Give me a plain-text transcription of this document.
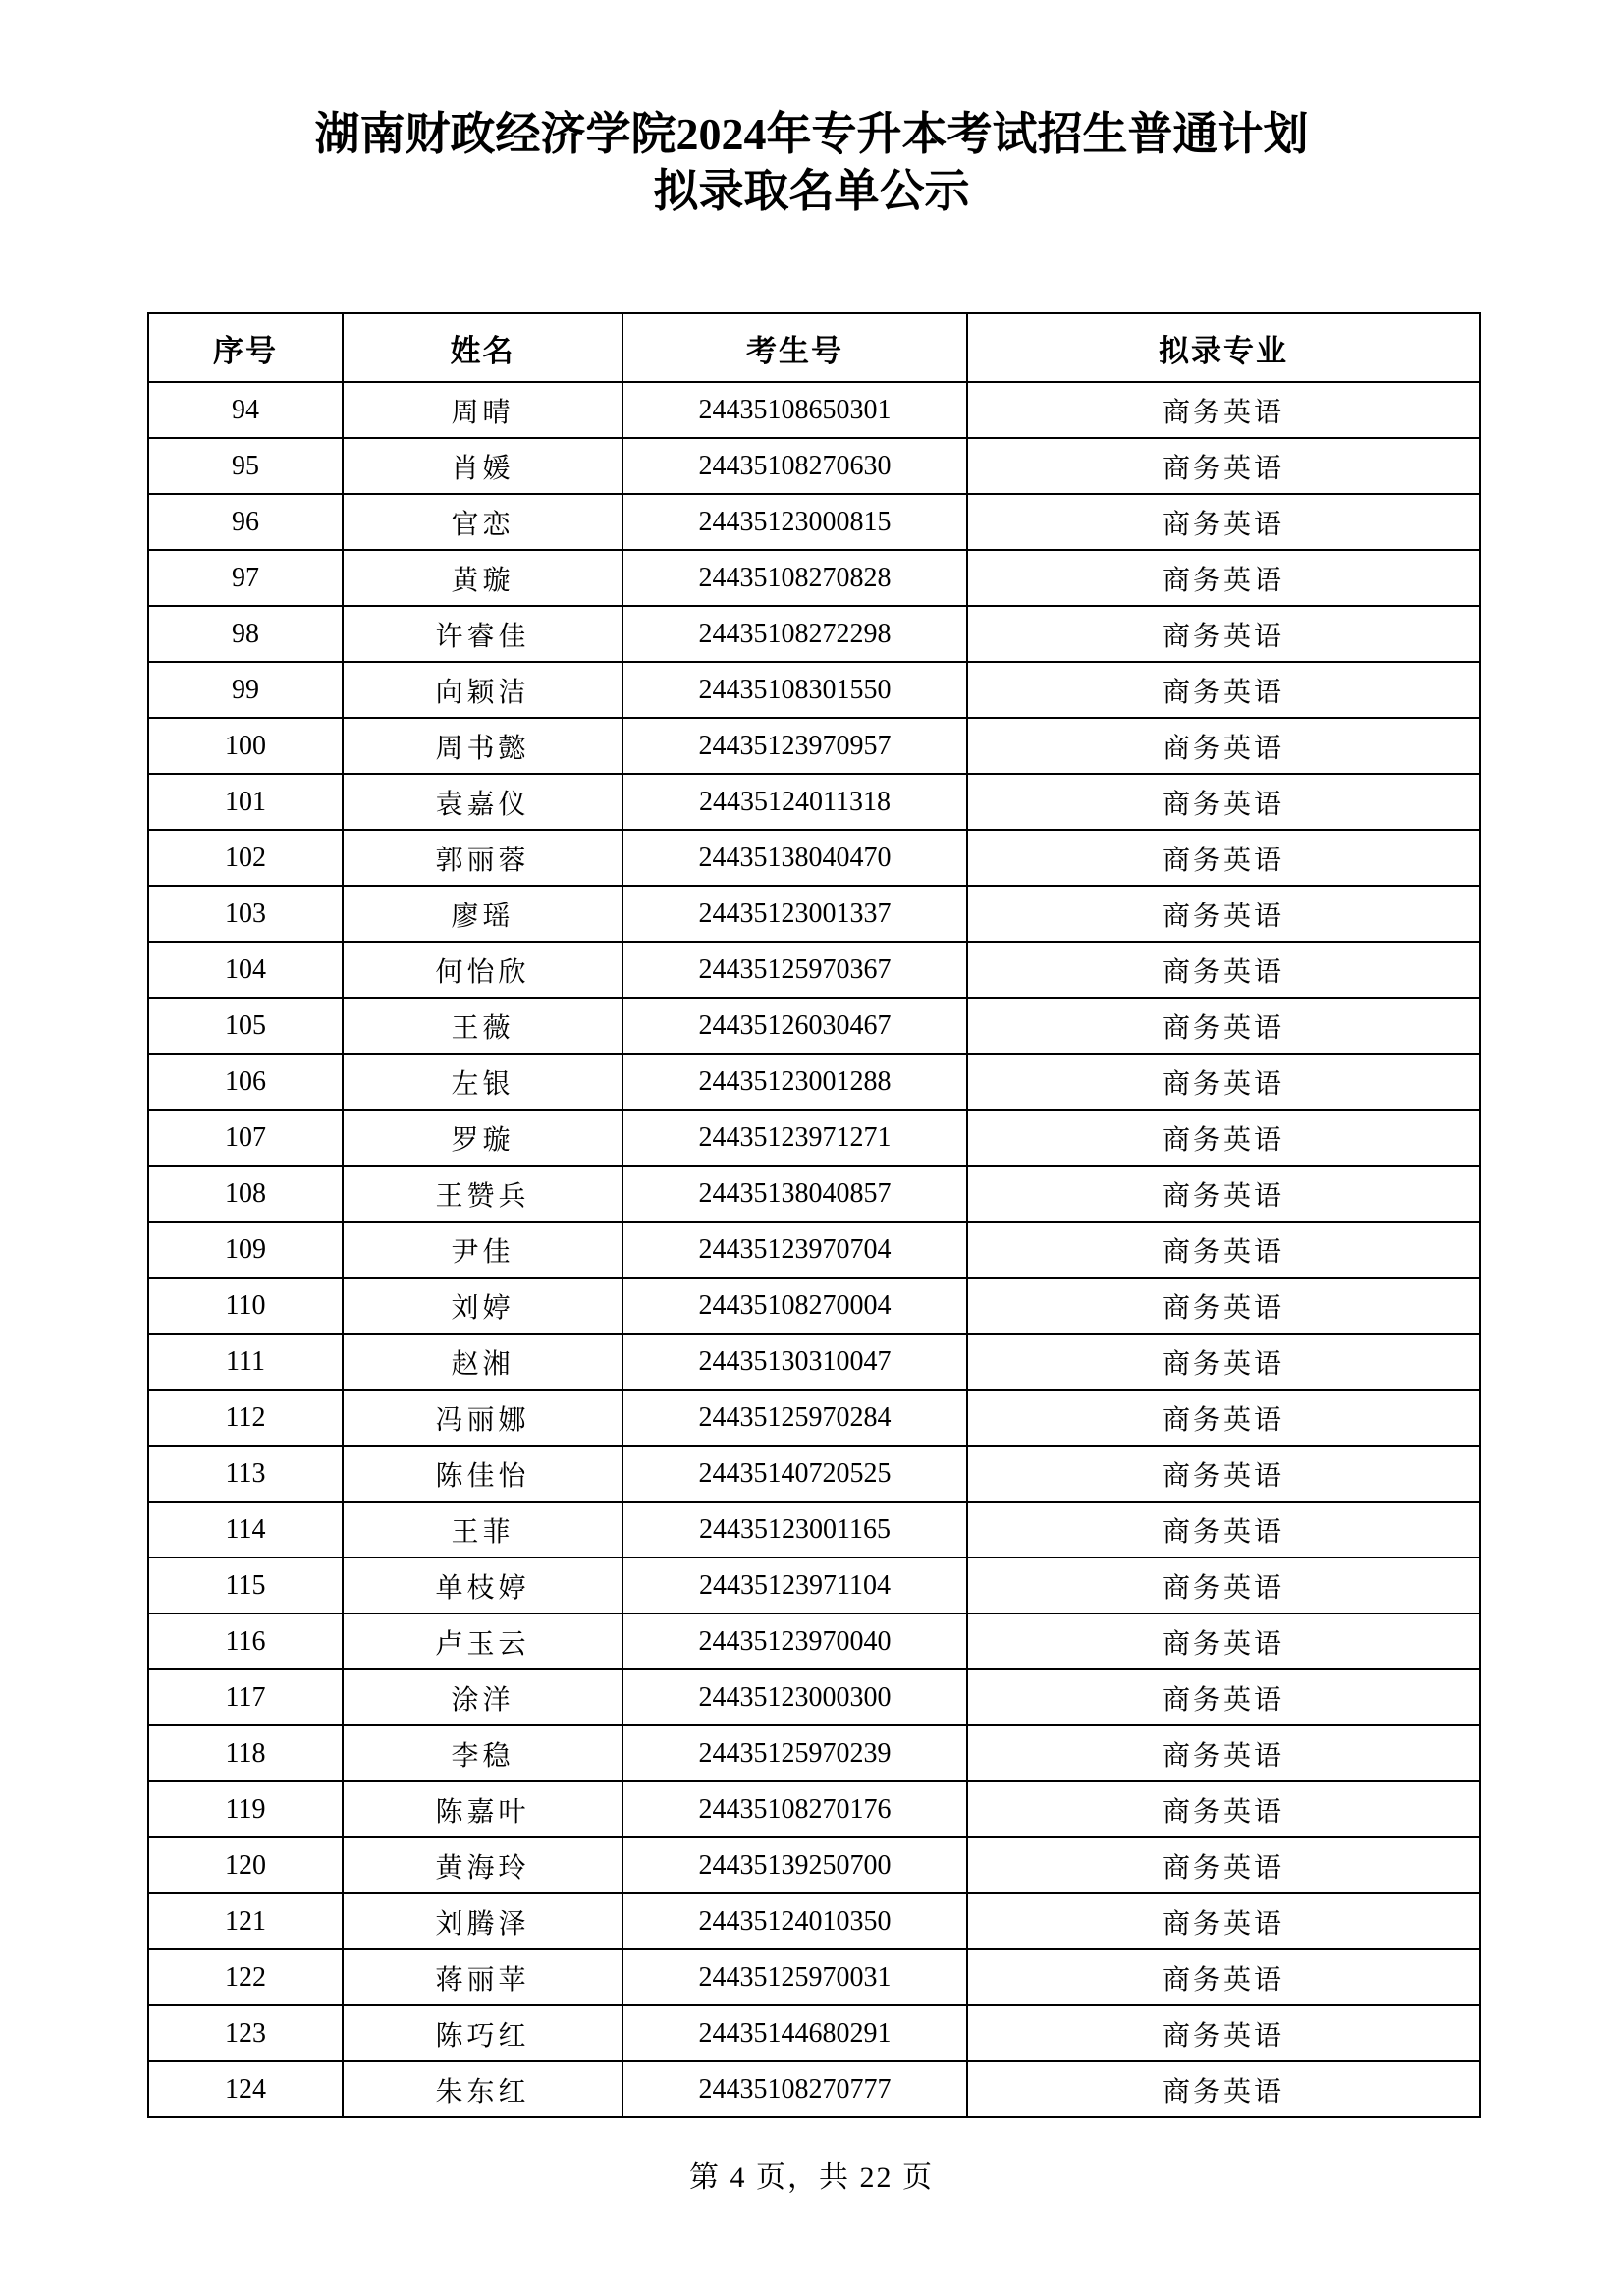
湖南财政经济学院2024年专升本考试招生普通计划
拟录取名单公示
序号	姓名	考生号	拟录专业
94	周晴	24435108650301	商务英语
95	肖媛	24435108270630	商务英语
96	官恋	24435123000815	商务英语
97	黄璇	24435108270828	商务英语
98	许睿佳	24435108272298	商务英语
99	向颖洁	24435108301550	商务英语
100	周书懿	24435123970957	商务英语
101	袁嘉仪	24435124011318	商务英语
102	郭丽蓉	24435138040470	商务英语
103	廖瑶	24435123001337	商务英语
104	何怡欣	24435125970367	商务英语
105	王薇	24435126030467	商务英语
106	左银	24435123001288	商务英语
107	罗璇	24435123971271	商务英语
108	王赞兵	24435138040857	商务英语
109	尹佳	24435123970704	商务英语
110	刘婷	24435108270004	商务英语
111	赵湘	24435130310047	商务英语
112	冯丽娜	24435125970284	商务英语
113	陈佳怡	24435140720525	商务英语
114	王菲	24435123001165	商务英语
115	单枝婷	24435123971104	商务英语
116	卢玉云	24435123970040	商务英语
117	涂洋	24435123000300	商务英语
118	李稳	24435125970239	商务英语
119	陈嘉叶	24435108270176	商务英语
120	黄海玲	24435139250700	商务英语
121	刘腾泽	24435124010350	商务英语
122	蒋丽苹	24435125970031	商务英语
123	陈巧红	24435144680291	商务英语
124	朱东红	24435108270777	商务英语
第 4 页，共 22 页
